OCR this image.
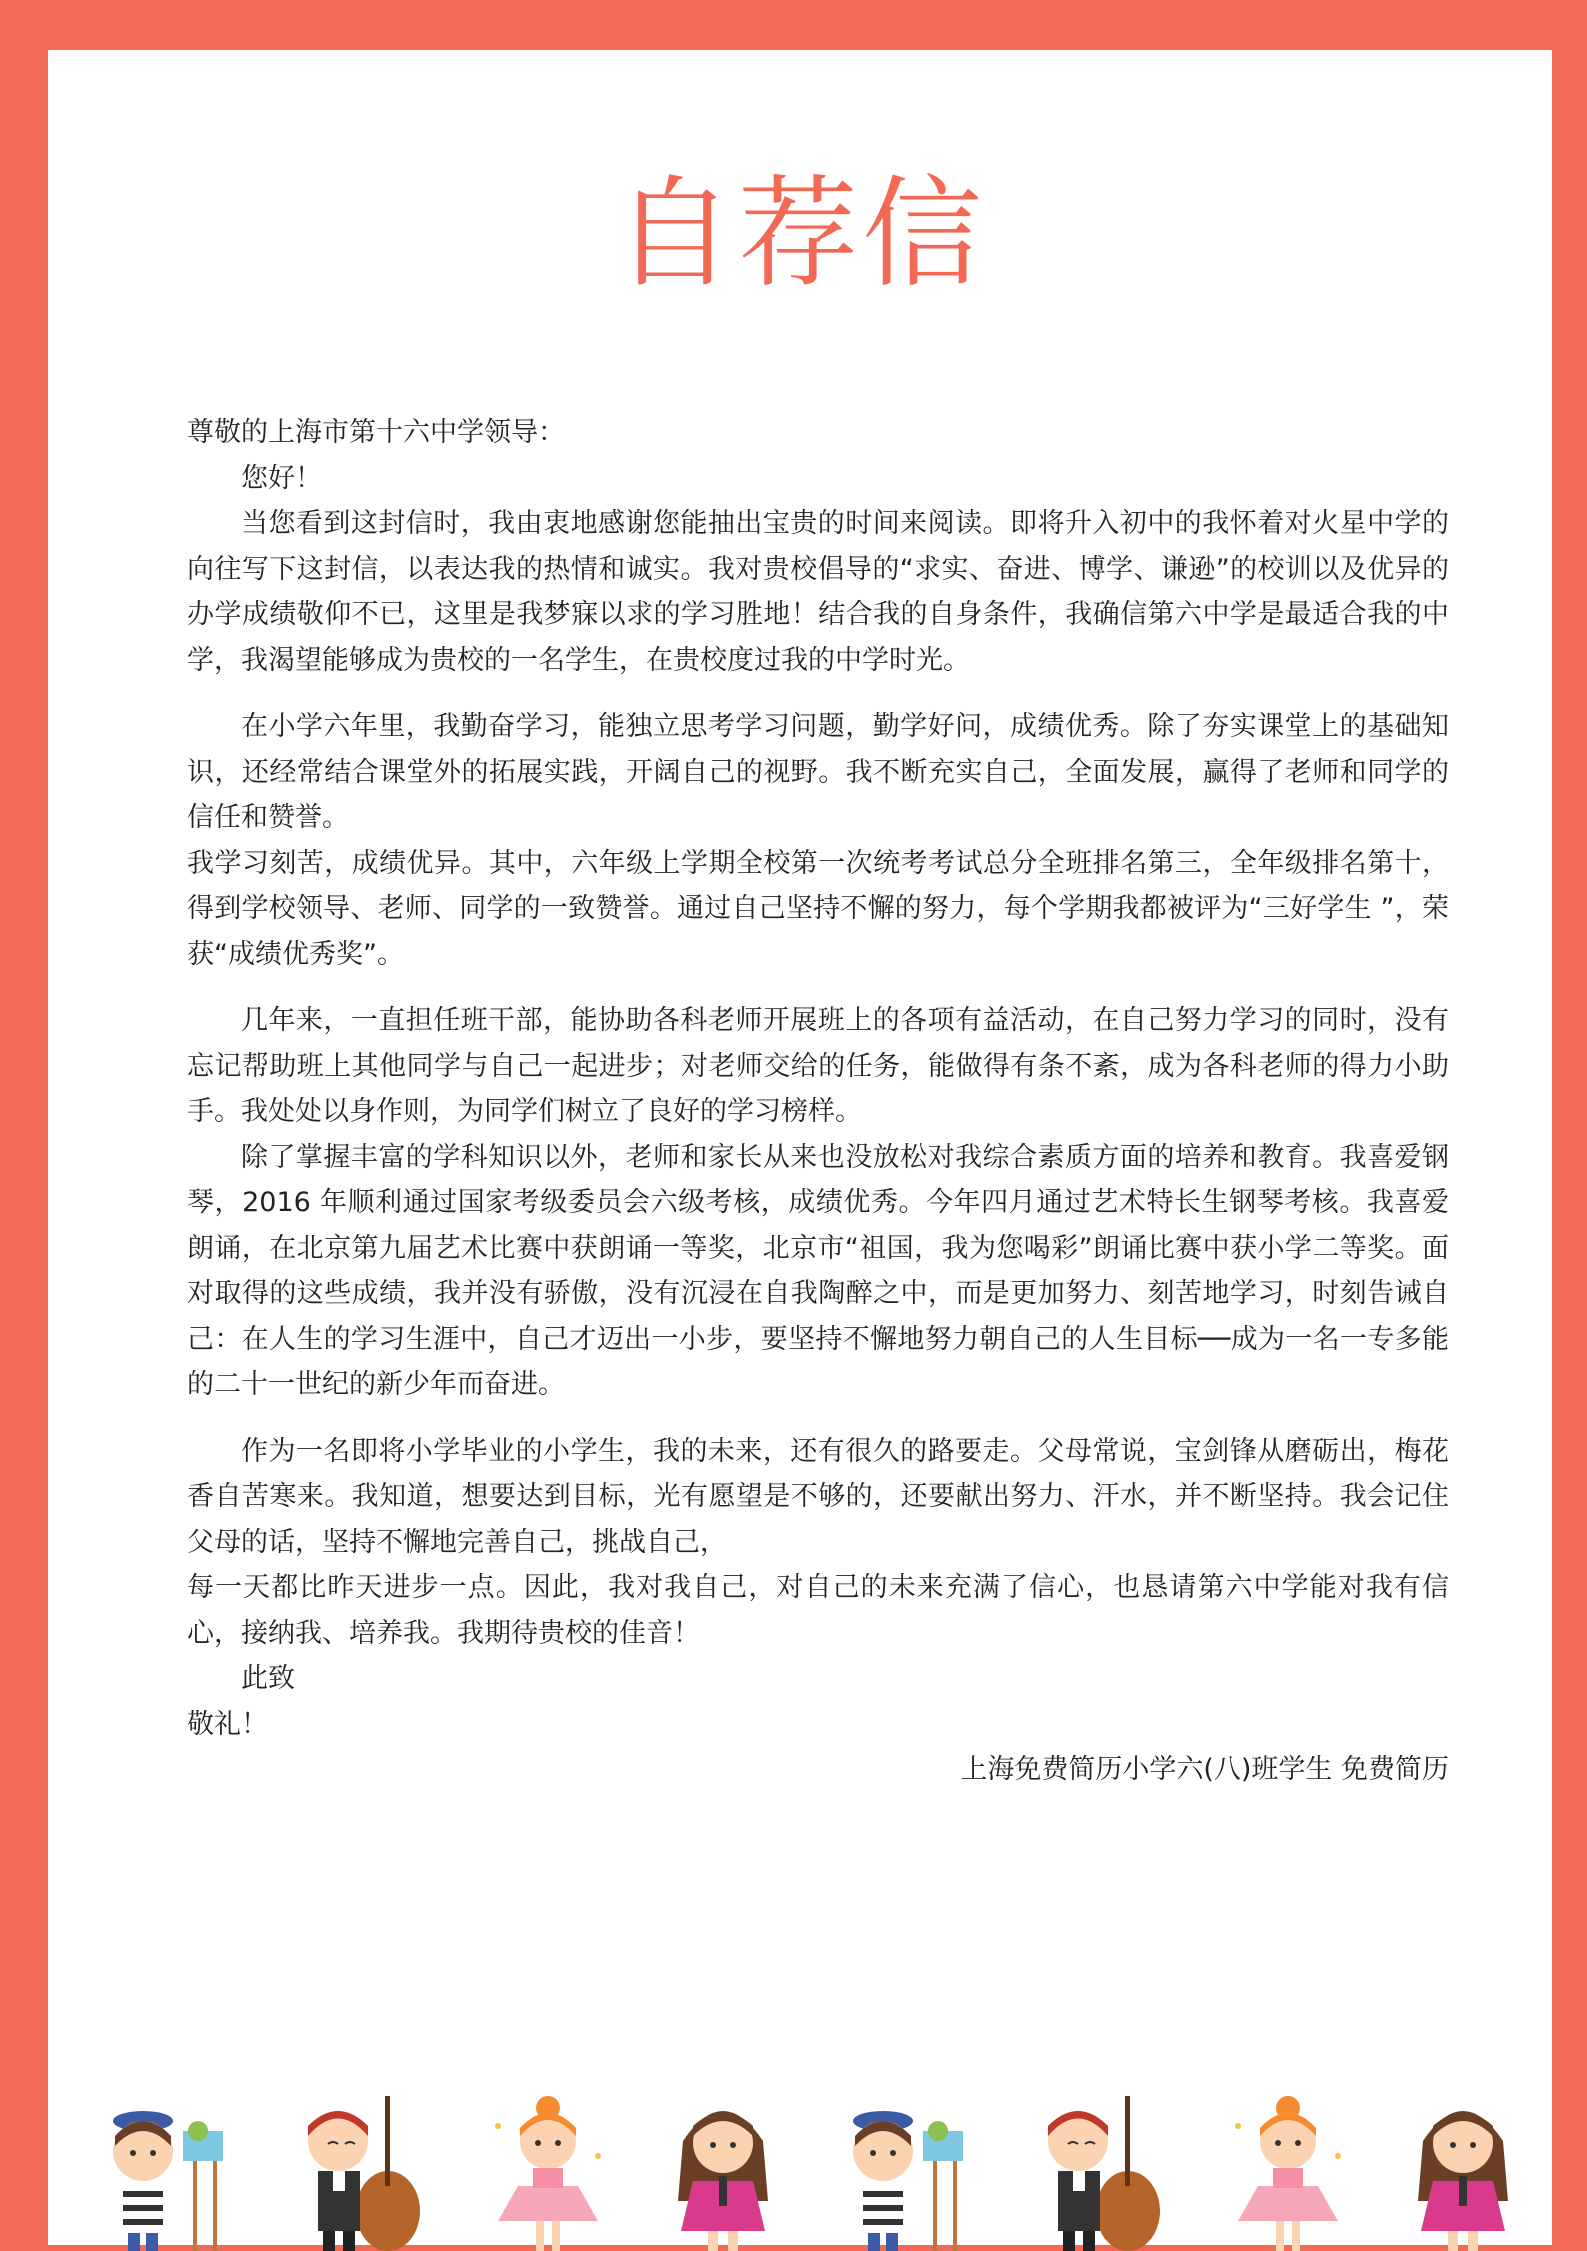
自荐信

尊敬的上海市第十六中学领导：

您好！

当您看到这封信时，我由衷地感谢您能抽出宝贵的时间来阅读。即将升入初中的我怀着对火星中学的向往写下这封信，以表达我的热情和诚实。我对贵校倡导的“求实、奋进、博学、谦逊”的校训以及优异的办学成绩敬仰不已，这里是我梦寐以求的学习胜地！结合我的自身条件，我确信第六中学是最适合我的中学，我渴望能够成为贵校的一名学生，在贵校度过我的中学时光。

在小学六年里，我勤奋学习，能独立思考学习问题，勤学好问，成绩优秀。除了夯实课堂上的基础知识，还经常结合课堂外的拓展实践，开阔自己的视野。我不断充实自己，全面发展，赢得了老师和同学的信任和赞誉。

我学习刻苦，成绩优异。其中，六年级上学期全校第一次统考考试总分全班排名第三，全年级排名第十，得到学校领导、老师、同学的一致赞誉。通过自己坚持不懈的努力，每个学期我都被评为“三好学生 ”，荣获“成绩优秀奖”。

几年来，一直担任班干部，能协助各科老师开展班上的各项有益活动，在自己努力学习的同时，没有忘记帮助班上其他同学与自己一起进步；对老师交给的任务，能做得有条不紊，成为各科老师的得力小助手。我处处以身作则，为同学们树立了良好的学习榜样。

除了掌握丰富的学科知识以外，老师和家长从来也没放松对我综合素质方面的培养和教育。我喜爱钢琴，2016 年顺利通过国家考级委员会六级考核，成绩优秀。今年四月通过艺术特长生钢琴考核。我喜爱朗诵，在北京第九届艺术比赛中获朗诵一等奖，北京市“祖国，我为您喝彩”朗诵比赛中获小学二等奖。面对取得的这些成绩，我并没有骄傲，没有沉浸在自我陶醉之中，而是更加努力、刻苦地学习，时刻告诫自己：在人生的学习生涯中，自己才迈出一小步，要坚持不懈地努力朝自己的人生目标──成为一名一专多能的二十一世纪的新少年而奋进。

作为一名即将小学毕业的小学生，我的未来，还有很久的路要走。父母常说，宝剑锋从磨砺出，梅花香自苦寒来。我知道，想要达到目标，光有愿望是不够的，还要献出努力、汗水，并不断坚持。我会记住父母的话，坚持不懈地完善自己，挑战自己，

每一天都比昨天进步一点。因此，我对我自己，对自己的未来充满了信心，也恳请第六中学能对我有信心，接纳我、培养我。我期待贵校的佳音！

此致

敬礼！

上海免费简历小学六(八)班学生 免费简历
